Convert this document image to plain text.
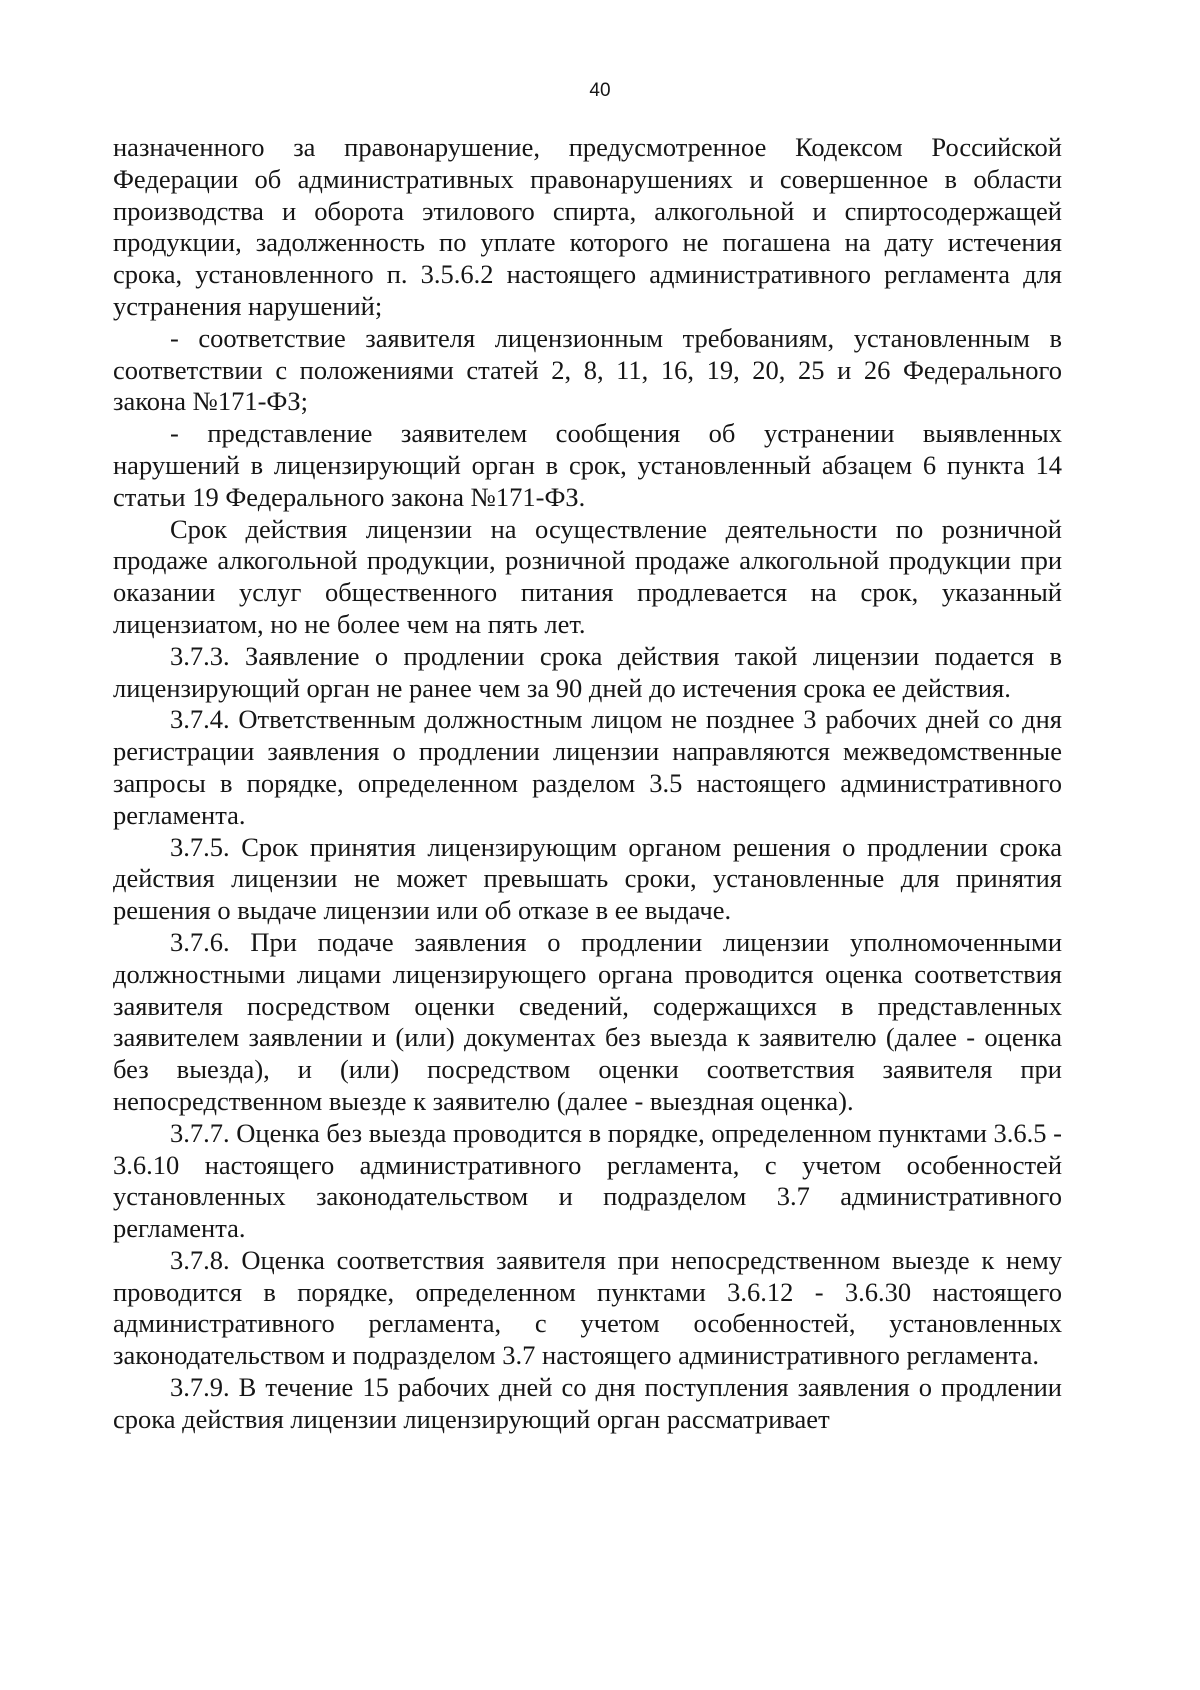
40

назначенного за правонарушение, предусмотренное Кодексом Российской Федерации об административных правонарушениях и совершенное в области производства и оборота этилового спирта, алкогольной и спиртосодержащей продукции, задолженность по уплате которого не погашена на дату истечения срока, установленного п. 3.5.6.2 настоящего административного регламента для устранения нарушений;

- соответствие заявителя лицензионным требованиям, установленным в соответствии с положениями статей 2, 8, 11, 16, 19, 20, 25 и 26 Федерального закона №171-ФЗ;

- представление заявителем сообщения об устранении выявленных нарушений в лицензирующий орган в срок, установленный абзацем 6 пункта 14 статьи 19 Федерального закона №171-ФЗ.

Срок действия лицензии на осуществление деятельности по розничной продаже алкогольной продукции, розничной продаже алкогольной продукции при оказании услуг общественного питания продлевается на срок, указанный лицензиатом, но не более чем на пять лет.

3.7.3. Заявление о продлении срока действия такой лицензии подается в лицензирующий орган не ранее чем за 90 дней до истечения срока ее действия.

3.7.4. Ответственным должностным лицом не позднее 3 рабочих дней со дня регистрации заявления о продлении лицензии направляются межведомственные запросы в порядке, определенном разделом 3.5 настоящего административного регламента.

3.7.5. Срок принятия лицензирующим органом решения о продлении срока действия лицензии не может превышать сроки, установленные для принятия решения о выдаче лицензии или об отказе в ее выдаче.

3.7.6. При подаче заявления о продлении лицензии уполномоченными должностными лицами лицензирующего органа проводится оценка соответствия заявителя посредством оценки сведений, содержащихся в представленных заявителем заявлении и (или) документах без выезда к заявителю (далее - оценка без выезда), и (или) посредством оценки соответствия заявителя при непосредственном выезде к заявителю (далее - выездная оценка).

3.7.7. Оценка без выезда проводится в порядке, определенном пунктами 3.6.5 - 3.6.10 настоящего административного регламента, с учетом особенностей установленных законодательством и подразделом 3.7 административного регламента.

3.7.8. Оценка соответствия заявителя при непосредственном выезде к нему проводится в порядке, определенном пунктами 3.6.12 - 3.6.30 настоящего административного регламента, с учетом особенностей, установленных законодательством и подразделом 3.7 настоящего административного регламента.

3.7.9. В течение 15 рабочих дней со дня поступления заявления о продлении срока действия лицензии лицензирующий орган рассматривает
